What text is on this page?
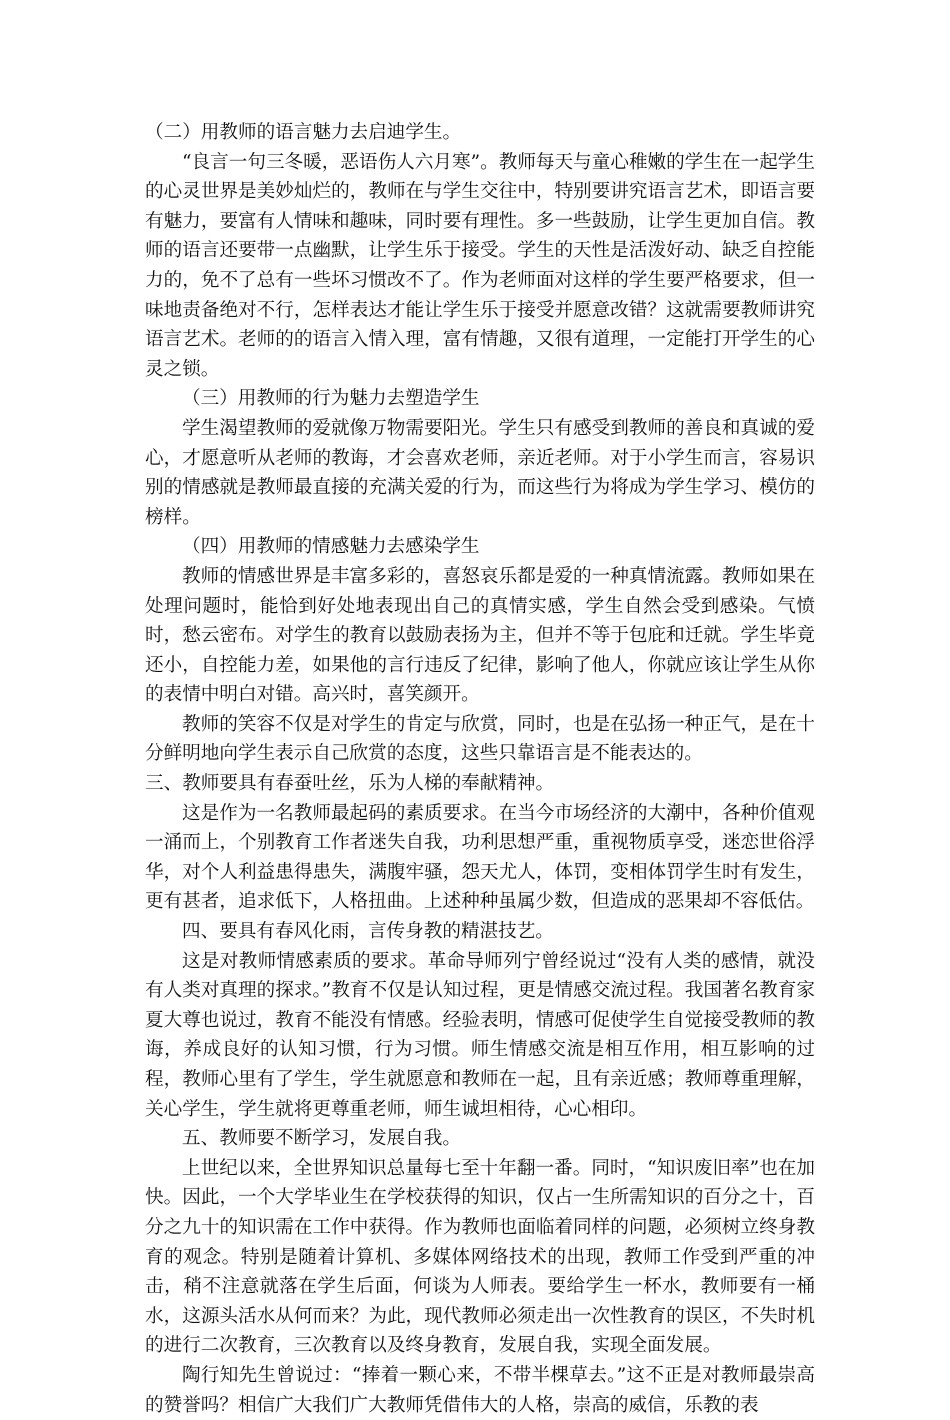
（二）用教师的语言魅力去启迪学生。

“良言一句三冬暖，恶语伤人六月寒”。教师每天与童心稚嫩的学生在一起学生的心灵世界是美妙灿烂的，教师在与学生交往中，特别要讲究语言艺术，即语言要有魅力，要富有人情味和趣味，同时要有理性。多一些鼓励，让学生更加自信。教师的语言还要带一点幽默，让学生乐于接受。学生的天性是活泼好动、缺乏自控能力的，免不了总有一些坏习惯改不了。作为老师面对这样的学生要严格要求，但一味地责备绝对不行，怎样表达才能让学生乐于接受并愿意改错？这就需要教师讲究语言艺术。老师的的语言入情入理，富有情趣，又很有道理，一定能打开学生的心灵之锁。

（三）用教师的行为魅力去塑造学生

学生渴望教师的爱就像万物需要阳光。学生只有感受到教师的善良和真诚的爱心，才愿意听从老师的教诲，才会喜欢老师，亲近老师。对于小学生而言，容易识别的情感就是教师最直接的充满关爱的行为，而这些行为将成为学生学习、模仿的榜样。

（四）用教师的情感魅力去感染学生

教师的情感世界是丰富多彩的，喜怒哀乐都是爱的一种真情流露。教师如果在处理问题时，能恰到好处地表现出自己的真情实感，学生自然会受到感染。气愤时，愁云密布。对学生的教育以鼓励表扬为主，但并不等于包庇和迁就。学生毕竟还小，自控能力差，如果他的言行违反了纪律，影响了他人，你就应该让学生从你的表情中明白对错。高兴时，喜笑颜开。

教师的笑容不仅是对学生的肯定与欣赏，同时，也是在弘扬一种正气，是在十分鲜明地向学生表示自己欣赏的态度，这些只靠语言是不能表达的。

三、教师要具有春蚕吐丝，乐为人梯的奉献精神。

这是作为一名教师最起码的素质要求。在当今市场经济的大潮中，各种价值观一涌而上，个别教育工作者迷失自我，功利思想严重，重视物质享受，迷恋世俗浮华，对个人利益患得患失，满腹牢骚，怨天尤人，体罚，变相体罚学生时有发生，更有甚者，追求低下，人格扭曲。上述种种虽属少数，但造成的恶果却不容低估。

四、要具有春风化雨，言传身教的精湛技艺。

这是对教师情感素质的要求。革命导师列宁曾经说过“没有人类的感情，就没有人类对真理的探求。”教育不仅是认知过程，更是情感交流过程。我国著名教育家夏大尊也说过，教育不能没有情感。经验表明，情感可促使学生自觉接受教师的教诲，养成良好的认知习惯，行为习惯。师生情感交流是相互作用，相互影响的过程，教师心里有了学生，学生就愿意和教师在一起，且有亲近感；教师尊重理解，关心学生，学生就将更尊重老师，师生诚坦相待，心心相印。

五、教师要不断学习，发展自我。

上世纪以来，全世界知识总量每七至十年翻一番。同时，“知识废旧率”也在加快。因此，一个大学毕业生在学校获得的知识，仅占一生所需知识的百分之十，百分之九十的知识需在工作中获得。作为教师也面临着同样的问题，必须树立终身教育的观念。特别是随着计算机、多媒体网络技术的出现，教师工作受到严重的冲击，稍不注意就落在学生后面，何谈为人师表。要给学生一杯水，教师要有一桶水，这源头活水从何而来？为此，现代教师必须走出一次性教育的误区，不失时机的进行二次教育，三次教育以及终身教育，发展自我，实现全面发展。

陶行知先生曾说过：“捧着一颗心来，不带半棵草去。”这不正是对教师最崇高的赞誉吗？相信广大我们广大教师凭借伟大的人格，崇高的威信，乐教的表
